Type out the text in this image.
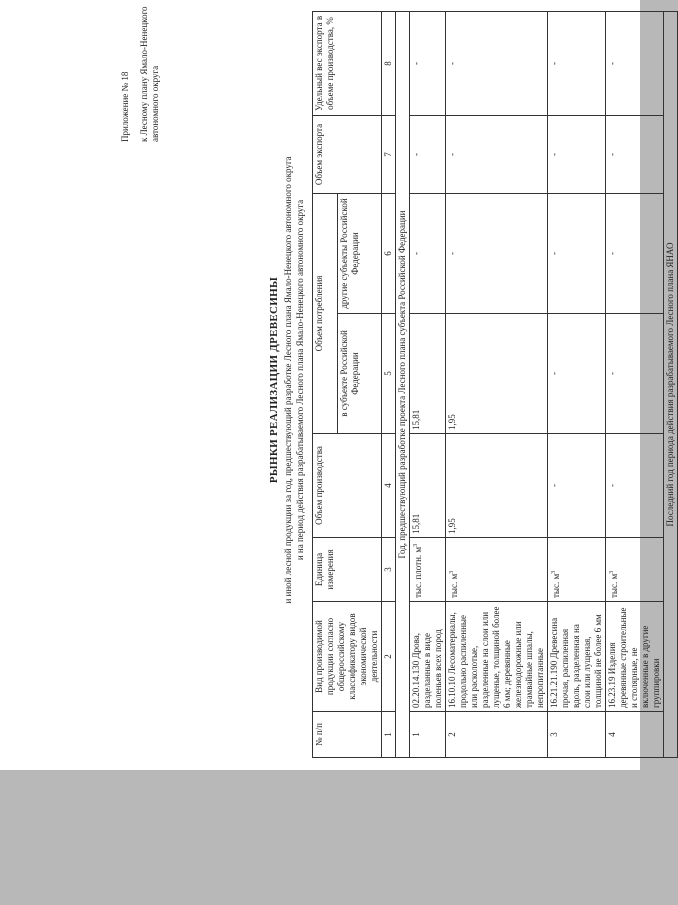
Приложение № 18 к Лесному плану Ямало-Ненецкого автономного округа
РЫНКИ РЕАЛИЗАЦИИ ДРЕВЕСИНЫ и иной лесной продукции за год, предшествующий разработке Лесного плана Ямало-Ненецкого автономного округа и на период действия разрабатываемого Лесного плана Ямало-Ненецкого автономного округа
№ п/п	Вид производимой продукции согласно общероссийскому классификатору видов экономической деятельности	Единица измерения	Объем производства	Объем потребления		Объем экспорта	Удельный вес экспорта в объеме производства, %
				в субъекте Российской Федерации	другие субъекты Российской Федерации		
1	2	3	4	5	6	7	8
Год, предшествующий разработке проекта Лесного плана субъекта Российской Федерации							
1	02.20.14.130 Дрова, разделанные в виде поленьев всех пород	тыс. плотн. $м^3$	15,81	15,81	-	-	-
2	16.10.10 Лесоматериалы, продольно распиленные или расколотые, разделенные на слои или лущеные, толщиной более 6 мм; деревянные железнодорожные или трамвайные шпалы, непропитанные	тыс. $м^3$	1,95	1,95	-	-	-
3	16.21.21.190 Древесина прочая, распиленная вдоль, разделенная на слои или лущеная, толщиной не более 6 мм	тыс. $м^3$	-	-	-	-	-
4	16.23.19 Изделия деревянные строительные и столярные, не включенные в другие группировки	тыс. $м^3$	-	-	-	-	-
Последний год периода действия разрабатываемого Лесного плана ЯНАО							
